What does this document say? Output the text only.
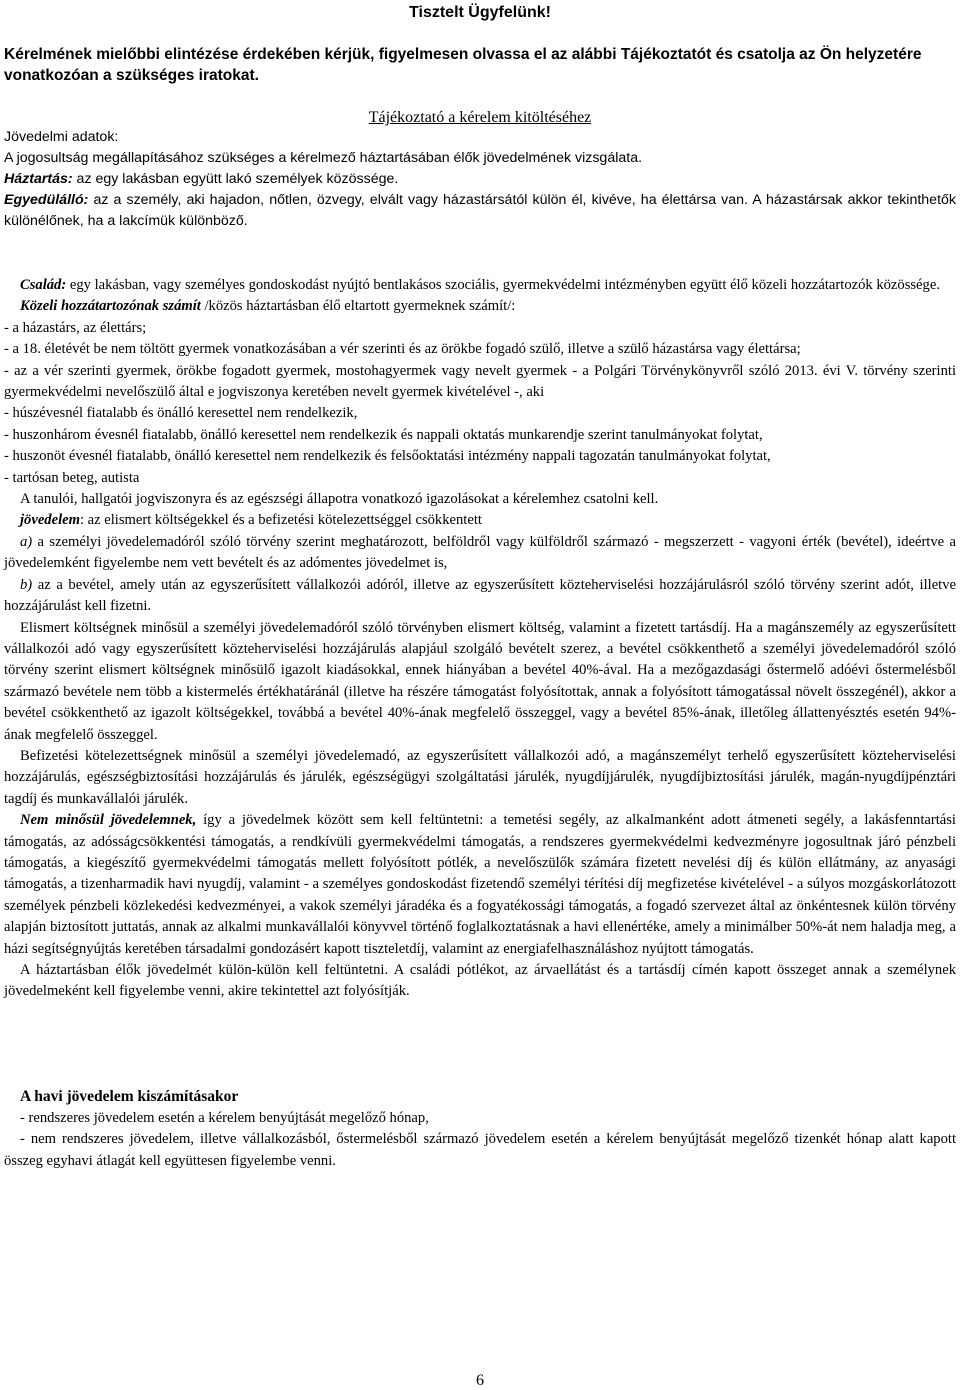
Tisztelt Ügyfelünk!
Kérelmének mielőbbi elintézése érdekében kérjük, figyelmesen olvassa el az alábbi Tájékoztatót és csatolja az Ön helyzetére vonatkozóan a szükséges iratokat.
Tájékoztató a kérelem kitöltéséhez

Jövedelmi adatok:

A jogosultság megállapításához szükséges a kérelmező háztartásában élők jövedelmének vizsgálata.

Háztartás: az egy lakásban együtt lakó személyek közössége.

Egyedülálló: az a személy, aki hajadon, nőtlen, özvegy, elvált vagy házastársától külön él, kivéve, ha élettársa van. A házastársak akkor tekinthetők különélőnek, ha a lakcímük különböző.

Család: egy lakásban, vagy személyes gondoskodást nyújtó bentlakásos szociális, gyermekvédelmi intézményben együtt élő közeli hozzátartozók közössége.

Közeli hozzátartozónak számít /közös háztartásban élő eltartott gyermeknek számít/:

- a házastárs, az élettárs;

- a 18. életévét be nem töltött gyermek vonatkozásában a vér szerinti és az örökbe fogadó szülő, illetve a szülő házastársa vagy élettársa;

- az a vér szerinti gyermek, örökbe fogadott gyermek, mostohagyermek vagy nevelt gyermek - a Polgári Törvénykönyvről szóló 2013. évi V. törvény szerinti gyermekvédelmi nevelőszülő által e jogviszonya keretében nevelt gyermek kivételével -, aki

- húszévesnél fiatalabb és önálló keresettel nem rendelkezik,

- huszonhárom évesnél fiatalabb, önálló keresettel nem rendelkezik és nappali oktatás munkarendje szerint tanulmányokat folytat,

- huszonöt évesnél fiatalabb, önálló keresettel nem rendelkezik és felsőoktatási intézmény nappali tagozatán tanulmányokat folytat,

- tartósan beteg, autista

A tanulói, hallgatói jogviszonyra és az egészségi állapotra vonatkozó igazolásokat a kérelemhez csatolni kell.

jövedelem: az elismert költségekkel és a befizetési kötelezettséggel csökkentett

a) a személyi jövedelemadóról szóló törvény szerint meghatározott, belföldről vagy külföldről származó - megszerzett - vagyoni érték (bevétel), ideértve a jövedelemként figyelembe nem vett bevételt és az adómentes jövedelmet is,

b) az a bevétel, amely után az egyszerűsített vállalkozói adóról, illetve az egyszerűsített közteherviselési hozzájárulásról szóló törvény szerint adót, illetve hozzájárulást kell fizetni.

Elismert költségnek minősül a személyi jövedelemadóról szóló törvényben elismert költség, valamint a fizetett tartásdíj. Ha a magánszemély az egyszerűsített vállalkozói adó vagy egyszerűsített közteherviselési hozzájárulás alapjául szolgáló bevételt szerez, a bevétel csökkenthető a személyi jövedelemadóról szóló törvény szerint elismert költségnek minősülő igazolt kiadásokkal, ennek hiányában a bevétel 40%-ával. Ha a mezőgazdasági őstermelő adóévi őstermelésből származó bevétele nem több a kistermelés értékhatáránál (illetve ha részére támogatást folyósítottak, annak a folyósított támogatással növelt összegénél), akkor a bevétel csökkenthető az igazolt költségekkel, továbbá a bevétel 40%-ának megfelelő összeggel, vagy a bevétel 85%-ának, illetőleg állattenyésztés esetén 94%-ának megfelelő összeggel.

Befizetési kötelezettségnek minősül a személyi jövedelemadó, az egyszerűsített vállalkozói adó, a magánszemélyt terhelő egyszerűsített közteherviselési hozzájárulás, egészségbiztosítási hozzájárulás és járulék, egészségügyi szolgáltatási járulék, nyugdíjjárulék, nyugdíjbiztosítási járulék, magán-nyugdíjpénztári tagdíj és munkavállalói járulék.

Nem minősül jövedelemnek, így a jövedelmek között sem kell feltüntetni: a temetési segély, az alkalmanként adott átmeneti segély, a lakásfenntartási támogatás, az adósságcsökkentési támogatás, a rendkívüli gyermekvédelmi támogatás, a rendszeres gyermekvédelmi kedvezményre jogosultnak járó pénzbeli támogatás, a kiegészítő gyermekvédelmi támogatás mellett folyósított pótlék, a nevelőszülők számára fizetett nevelési díj és külön ellátmány, az anyasági támogatás, a tizenharmadik havi nyugdíj, valamint - a személyes gondoskodást fizetendő személyi térítési díj megfizetése kivételével - a súlyos mozgáskorlátozott személyek pénzbeli közlekedési kedvezményei, a vakok személyi járadéka és a fogyatékossági támogatás, a fogadó szervezet által az önkéntesnek külön törvény alapján biztosított juttatás, annak az alkalmi munkavállalói könyvvel történő foglalkoztatásnak a havi ellenértéke, amely a minimálber 50%-át nem haladja meg, a házi segítségnyújtás keretében társadalmi gondozásért kapott tiszteletdíj, valamint az energiafelhasználáshoz nyújtott támogatás.

A háztartásban élők jövedelmét külön-külön kell feltüntetni. A családi pótlékot, az árvaellátást és a tartásdíj címén kapott összeget annak a személynek jövedelmeként kell figyelembe venni, akire tekintettel azt folyósítják.

A havi jövedelem kiszámításakor

- rendszeres jövedelem esetén a kérelem benyújtását megelőző hónap,

- nem rendszeres jövedelem, illetve vállalkozásból, őstermelésből származó jövedelem esetén a kérelem benyújtását megelőző tizenkét hónap alatt kapott összeg egyhavi átlagát kell együttesen figyelembe venni.

6
